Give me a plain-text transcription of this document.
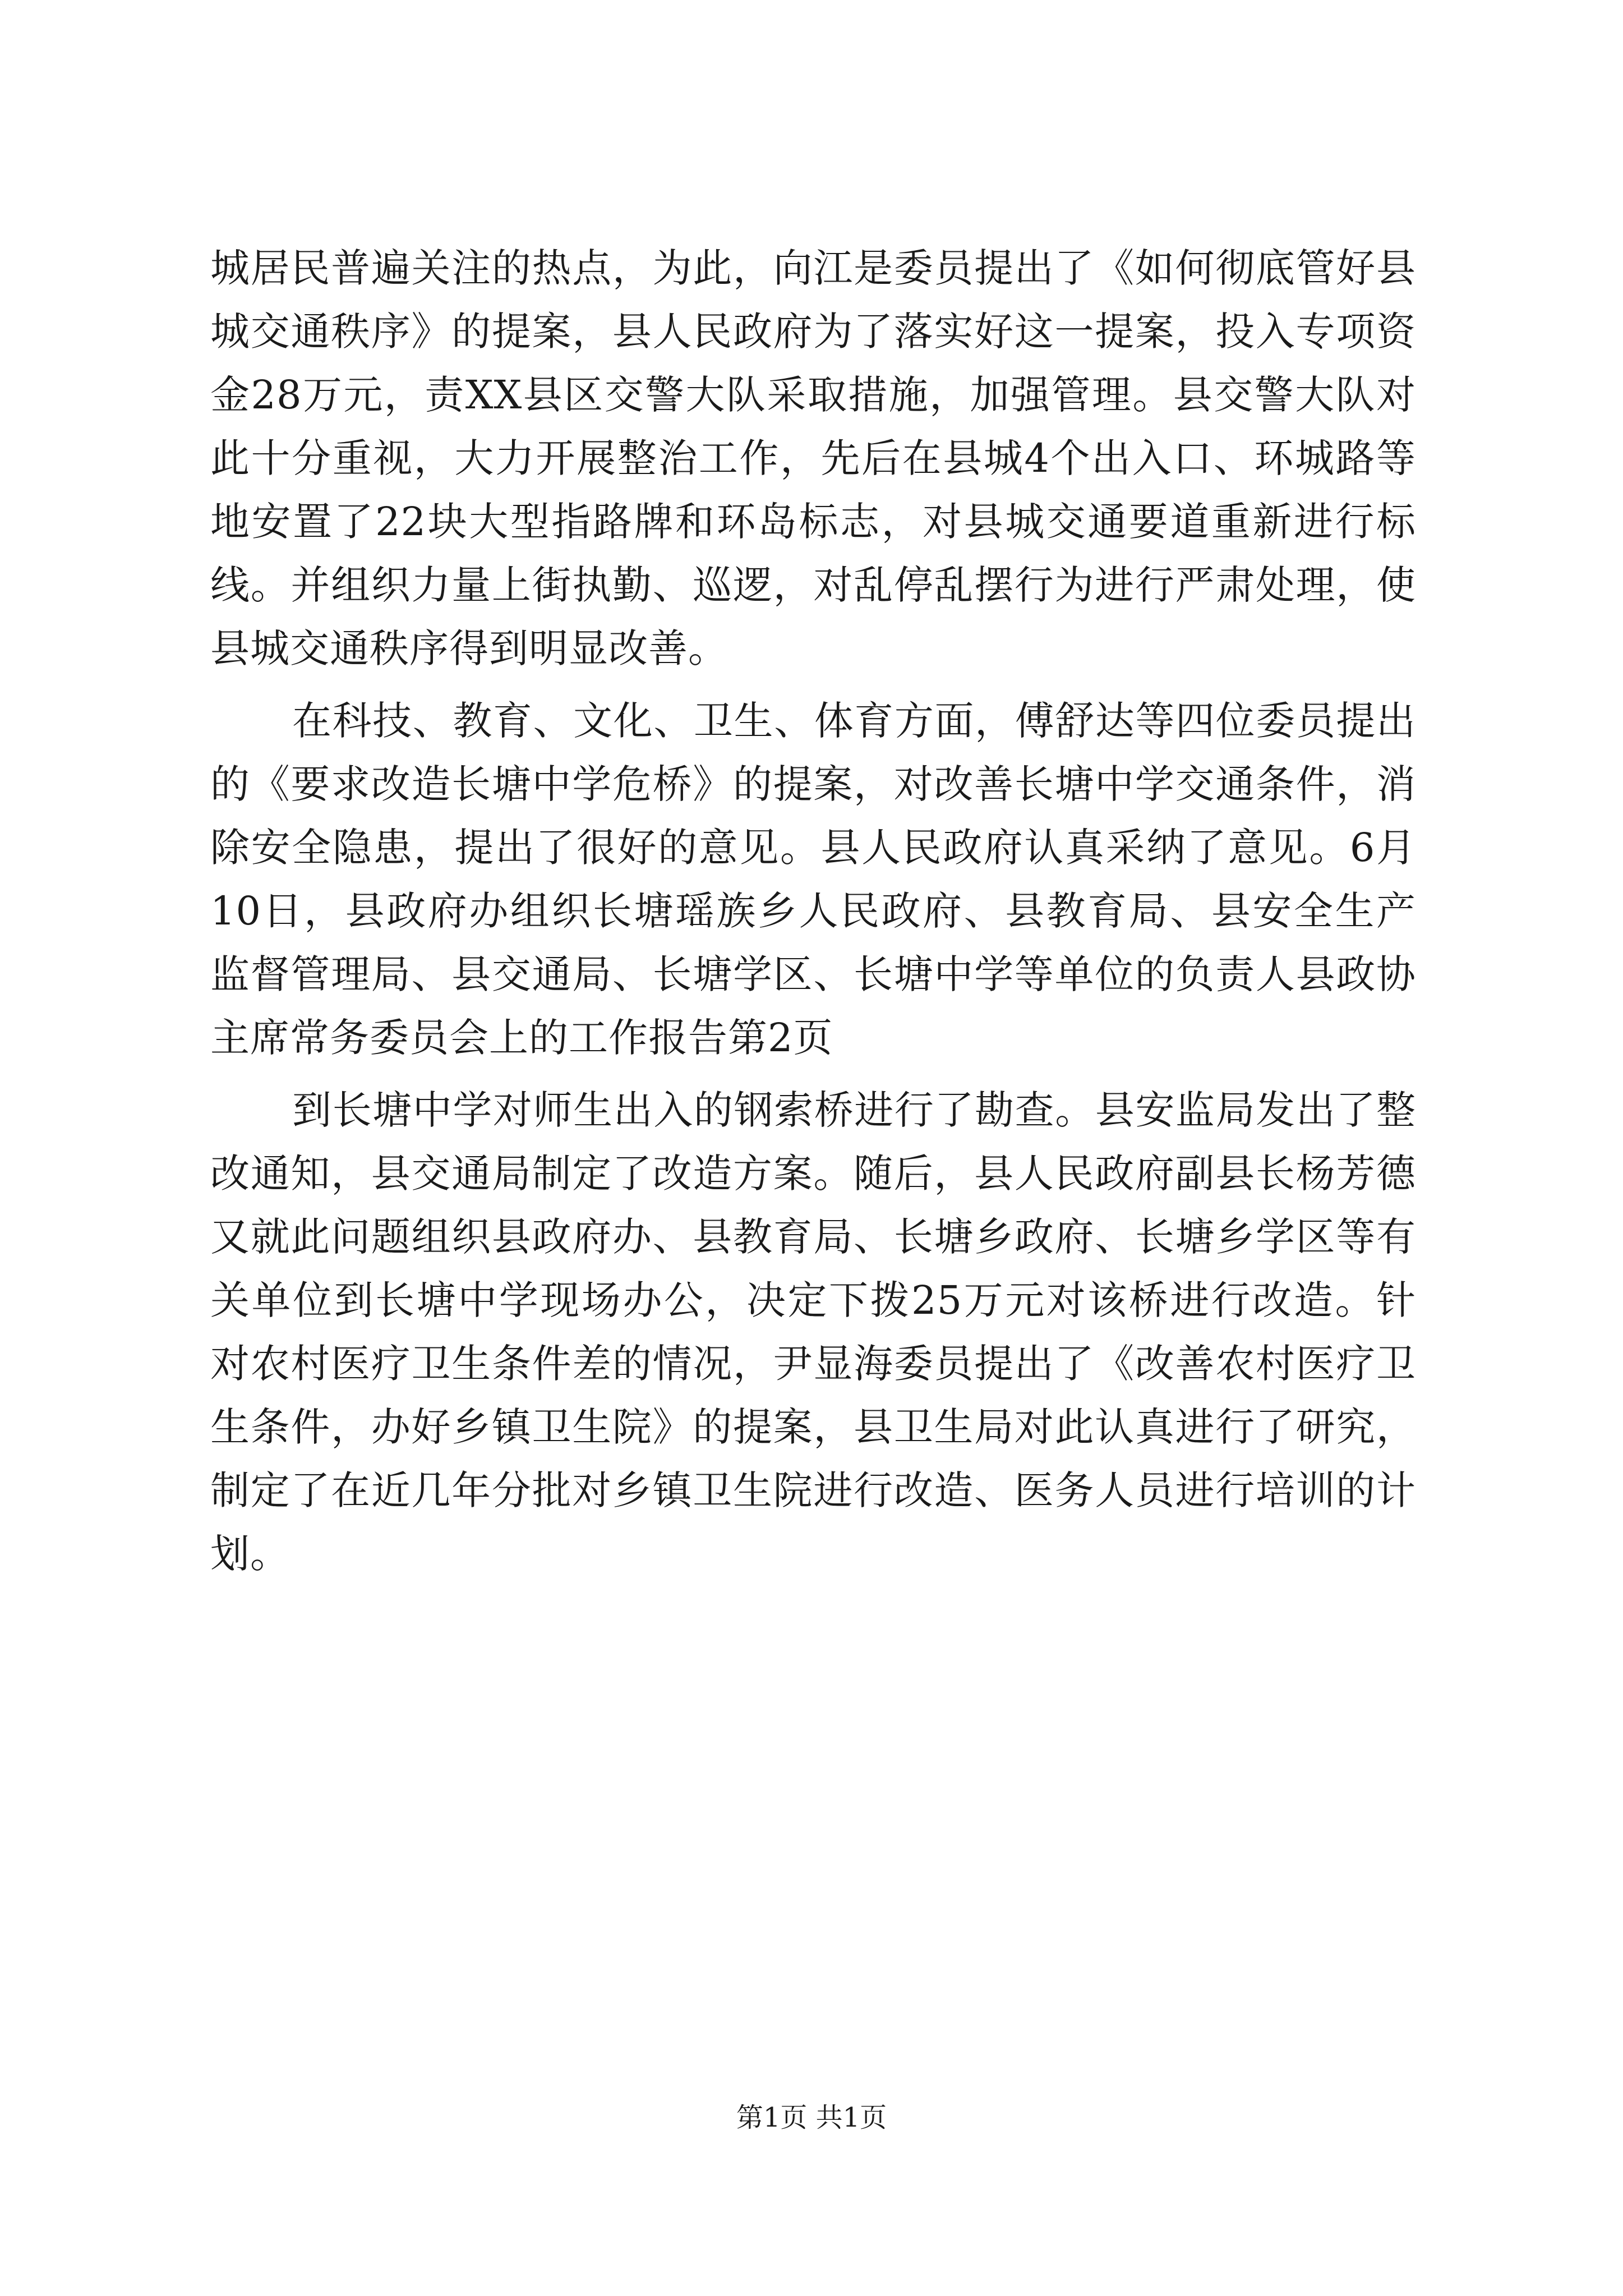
城居民普遍关注的热点，为此，向江是委员提出了《如何彻底管好县城交通秩序》的提案，县人民政府为了落实好这一提案，投入专项资金28万元，责XX县区交警大队采取措施，加强管理。县交警大队对此十分重视，大力开展整治工作，先后在县城4个出入口、环城路等地安置了22块大型指路牌和环岛标志，对县城交通要道重新进行标线。并组织力量上街执勤、巡逻，对乱停乱摆行为进行严肃处理，使县城交通秩序得到明显改善。

在科技、教育、文化、卫生、体育方面，傅舒达等四位委员提出的《要求改造长塘中学危桥》的提案，对改善长塘中学交通条件，消除安全隐患，提出了很好的意见。县人民政府认真采纳了意见。6月10日，县政府办组织长塘瑶族乡人民政府、县教育局、县安全生产监督管理局、县交通局、长塘学区、长塘中学等单位的负责人县政协主席常务委员会上的工作报告第2页

到长塘中学对师生出入的钢索桥进行了勘查。县安监局发出了整改通知，县交通局制定了改造方案。随后，县人民政府副县长杨芳德又就此问题组织县政府办、县教育局、长塘乡政府、长塘乡学区等有关单位到长塘中学现场办公，决定下拨25万元对该桥进行改造。针对农村医疗卫生条件差的情况，尹显海委员提出了《改善农村医疗卫生条件，办好乡镇卫生院》的提案，县卫生局对此认真进行了研究，制定了在近几年分批对乡镇卫生院进行改造、医务人员进行培训的计划。

第1页 共1页
